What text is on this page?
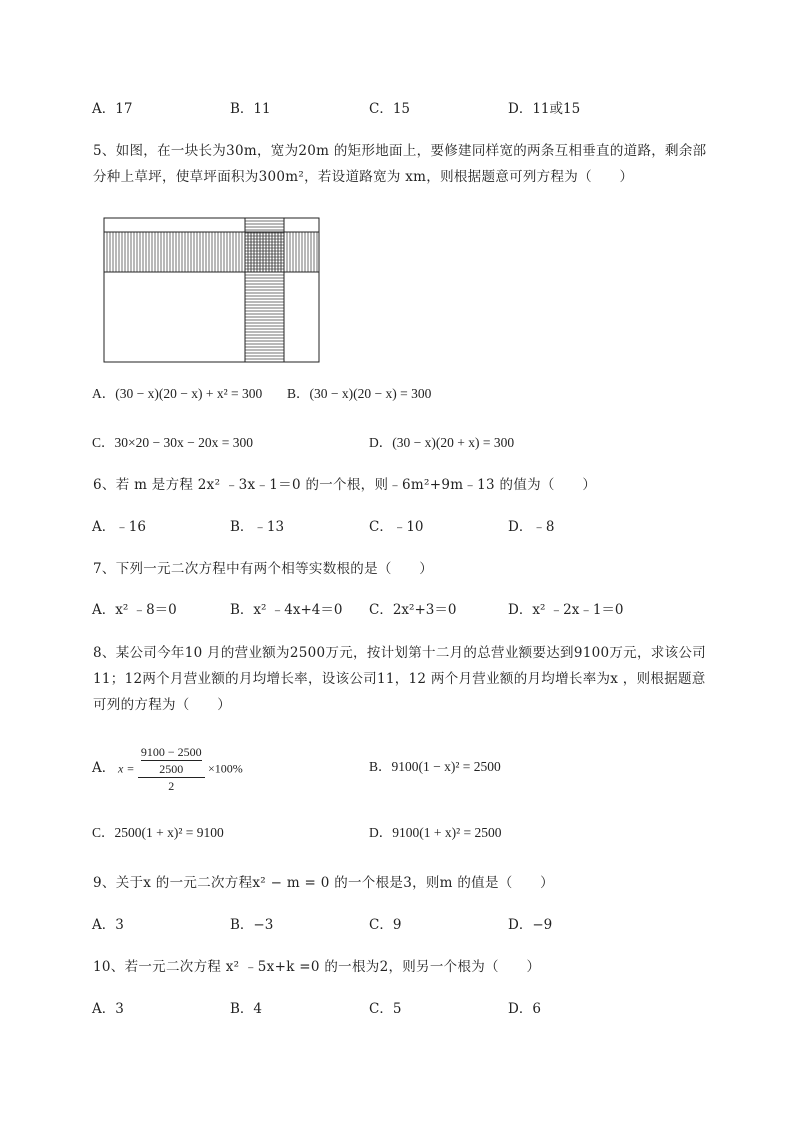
A．17	B．11	C．15	D．11或15
5、如图，在一块长为30m，宽为20m 的矩形地面上，要修建同样宽的两条互相垂直的道路，剩余部
分种上草坪，使草坪面积为300m²，若设道路宽为 xm，则根据题意可列方程为（　　）
A．(30 − x)(20 − x) + x² = 300 B．(30 − x)(20 − x) = 300
C．30×20 − 30x − 20x = 300	D．(30 − x)(20 + x) = 300
6、若 m 是方程 2x² ﹣3x﹣1＝0 的一个根，则﹣6m²+9m﹣13 的值为（　　）
A．﹣16	B．﹣13	C．﹣10	D．﹣8
7、下列一元二次方程中有两个相等实数根的是（　　）
A．x² ﹣8＝0	B．x² ﹣4x+4＝0 C．2x²+3＝0	D．x² ﹣2x﹣1＝0
8、某公司今年10 月的营业额为2500万元，按计划第十二月的总营业额要达到9100万元，求该公司
11；12两个月营业额的月均增长率，设该公司11，12 两个月营业额的月均增长率为x ，则根据题意
可列的方程为（　　）
A． x = 9100 − 2500
2500
2 ×100%	B．9100(1 − x)² = 2500
C．2500(1 + x)² = 9100	D．9100(1 + x)² = 2500
9、关于x 的一元二次方程x² − m = 0 的一个根是3，则m 的值是（　　）
A．3	B．−3	C．9	D．−9
10、若一元二次方程 x² ﹣5x+k =0 的一根为2，则另一个根为（　　）
A．3	B．4	C．5	D．6
